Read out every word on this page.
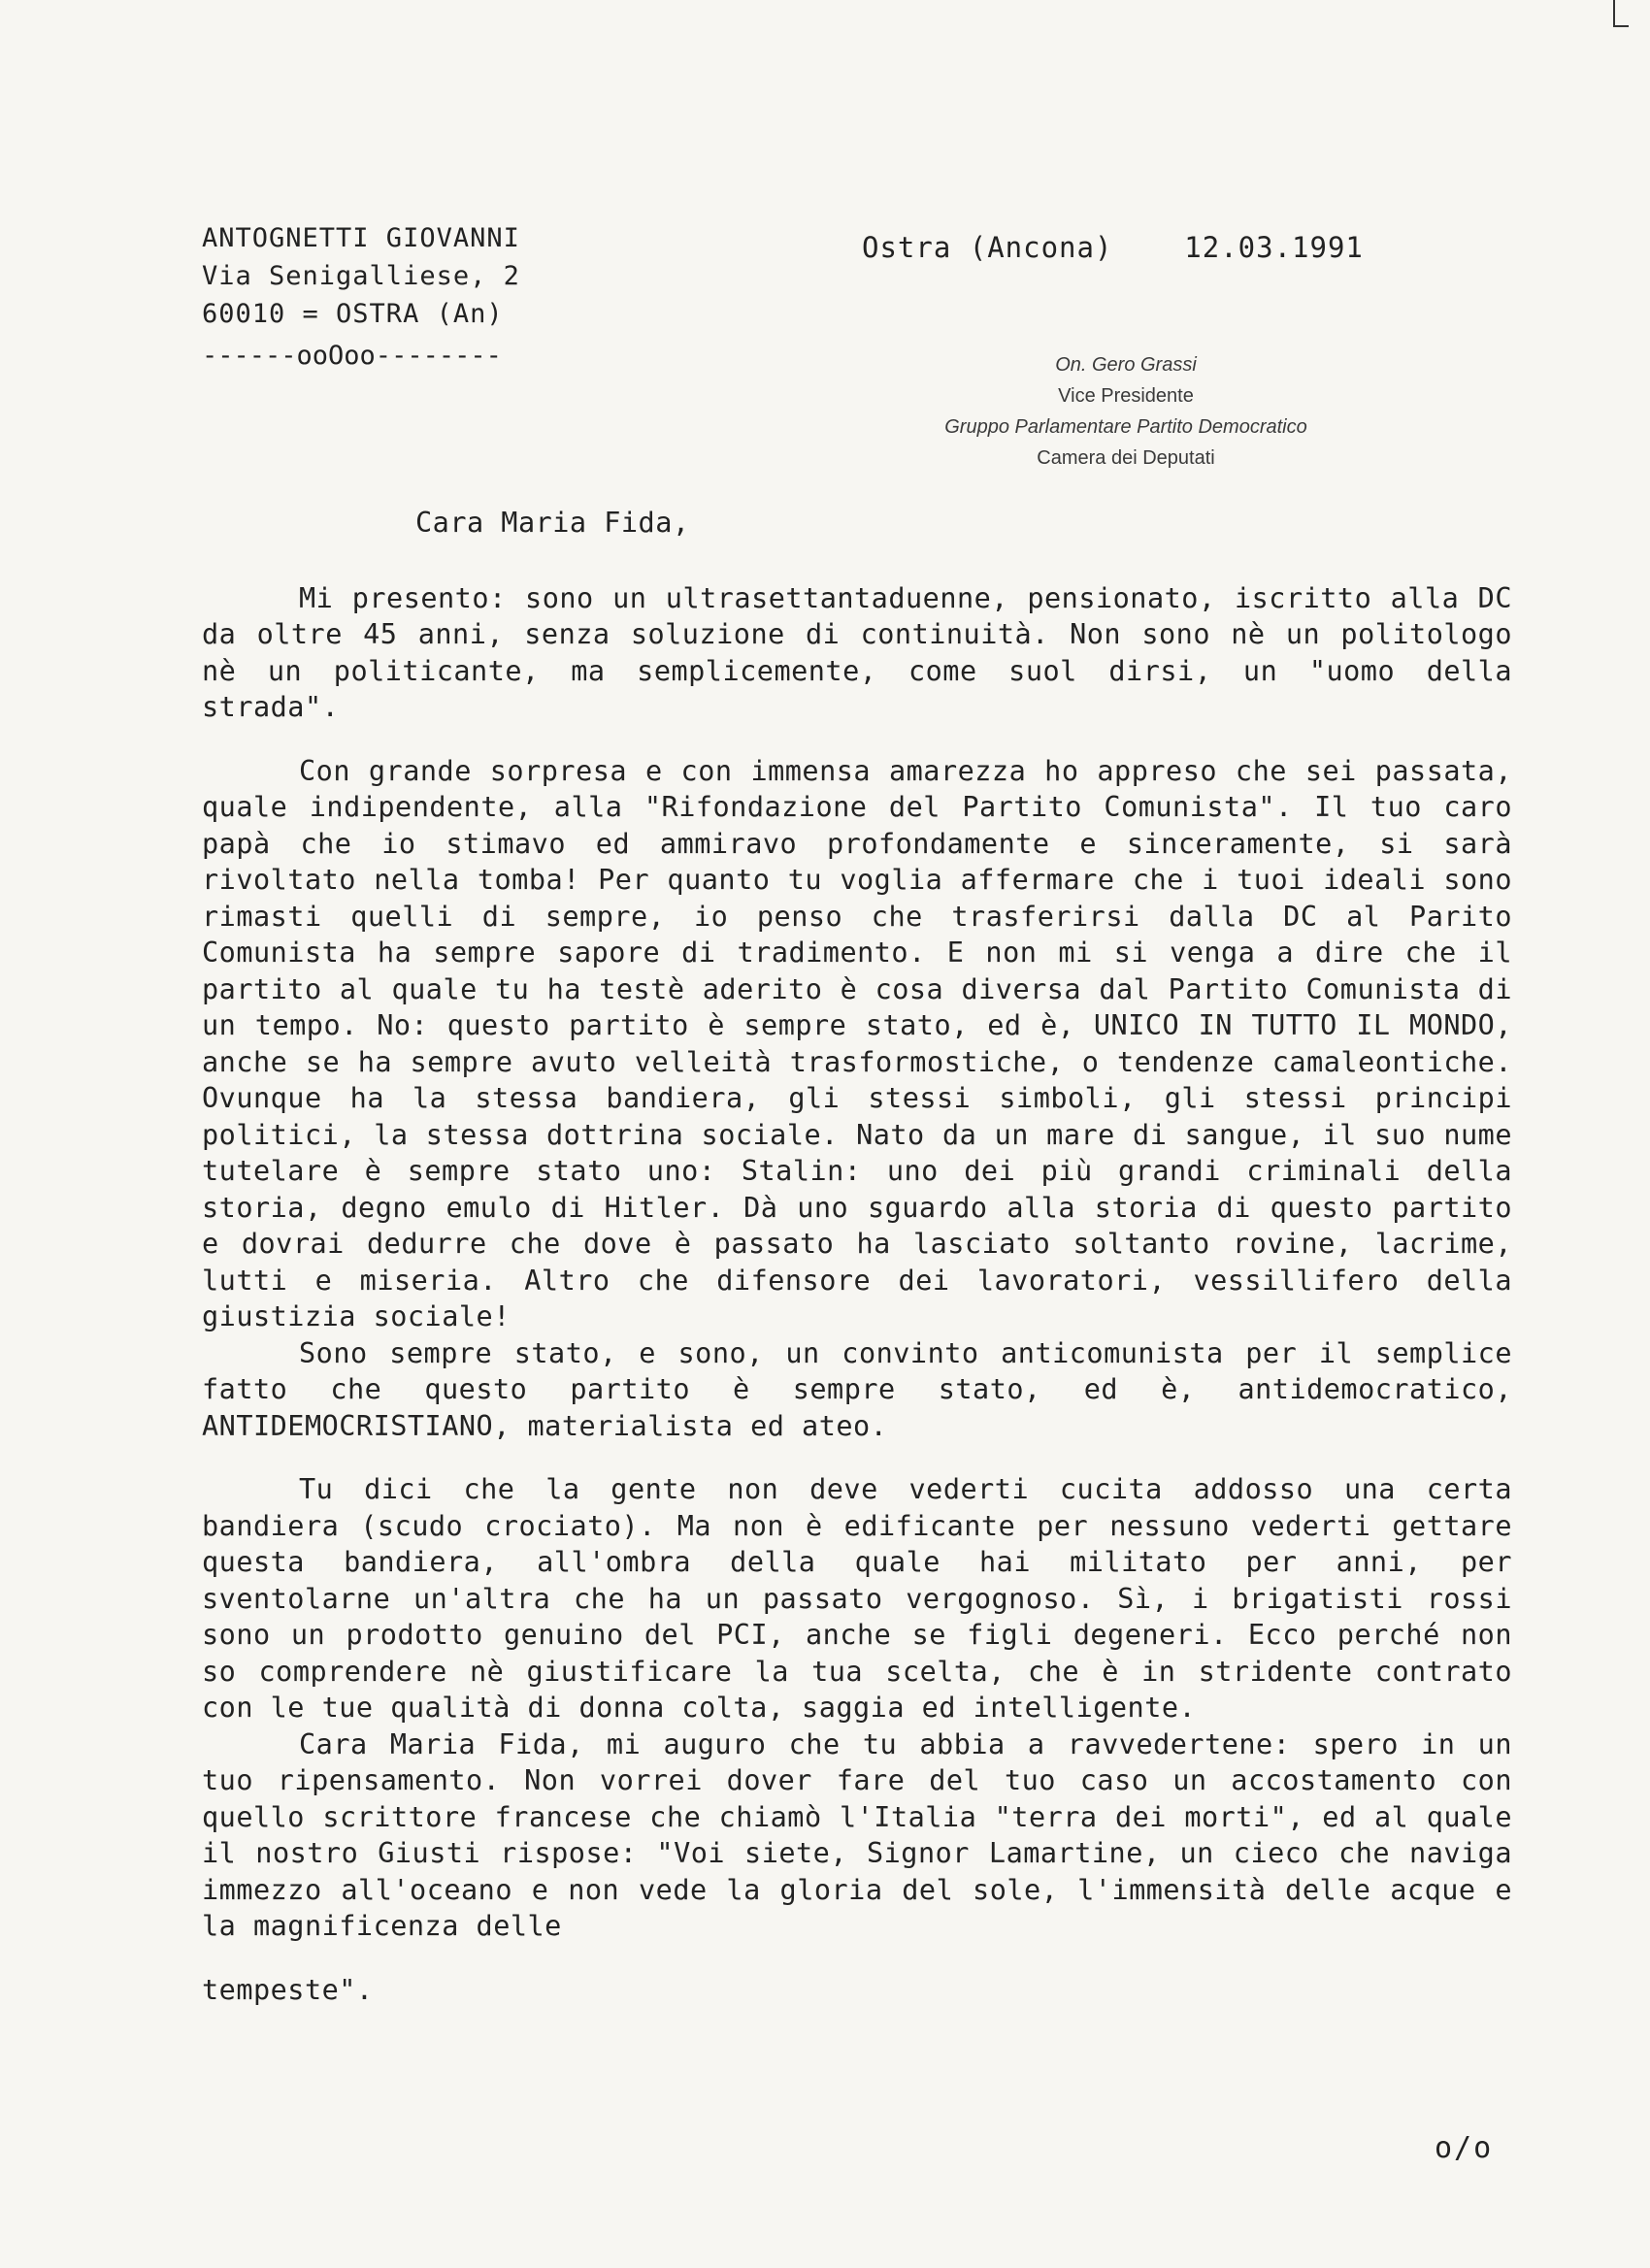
ANTOGNETTI GIOVANNI
Via Senigalliese, 2
60010 = OSTRA (An)
------ooOoo--------
Ostra (Ancona)	12.03.1991
On. Gero Grassi
Vice Presidente
Gruppo Parlamentare Partito Democratico
Camera dei Deputati
Cara Maria Fida,

Mi presento: sono un ultrasettantaduenne, pensionato, iscritto alla DC da oltre 45 anni, senza soluzione di continuità. Non sono nè un politologo nè un politicante, ma semplicemente, come suol dirsi, un "uomo della strada".

Con grande sorpresa e con immensa amarezza ho appreso che sei passata, quale indipendente, alla "Rifondazione del Partito Comunista". Il tuo caro papà che io stimavo ed ammiravo profondamente e sinceramente, si sarà rivoltato nella tomba! Per quanto tu voglia affermare che i tuoi ideali sono rimasti quelli di sempre, io penso che trasferirsi dalla DC al Parito Comunista ha sempre sapore di tradimento. E non mi si venga a dire che il partito al quale tu ha testè aderito è cosa diversa dal Partito Comunista di un tempo. No: questo partito è sempre stato, ed è, UNICO IN TUTTO IL MONDO, anche se ha sempre avuto velleità trasformostiche, o tendenze camaleontiche. Ovunque ha la stessa bandiera, gli stessi simboli, gli stessi principi politici, la stessa dottrina sociale. Nato da un mare di sangue, il suo nume tutelare è sempre stato uno: Stalin: uno dei più grandi criminali della storia, degno emulo di Hitler. Dà uno sguardo alla storia di questo partito e dovrai dedurre che dove è passato ha lasciato soltanto rovine, lacrime, lutti e miseria. Altro che difensore dei lavoratori, vessillifero della giustizia sociale!

Sono sempre stato, e sono, un convinto anticomunista per il semplice fatto che questo partito è sempre stato, ed è, antidemocratico, ANTIDEMOCRISTIANO, materialista ed ateo.

Tu dici che la gente non deve vederti cucita addosso una certa bandiera (scudo crociato). Ma non è edificante per nessuno vederti gettare questa bandiera, all'ombra della quale hai militato per anni, per sventolarne un'altra che ha un passato vergognoso. Sì, i brigatisti rossi sono un prodotto genuino del PCI, anche se figli degeneri. Ecco perché non so comprendere nè giustificare la tua scelta, che è in stridente contrato con le tue qualità di donna colta, saggia ed intelligente.

Cara Maria Fida, mi auguro che tu abbia a ravvedertene: spero in un tuo ripensamento. Non vorrei dover fare del tuo caso un accostamento con quello scrittore francese che chiamò l'Italia "terra dei morti", ed al quale il nostro Giusti rispose: "Voi siete, Signor Lamartine, un cieco che naviga immezzo all'oceano e non vede la gloria del sole, l'immensità delle acque e la magnificenza delle

tempeste".
o/o
